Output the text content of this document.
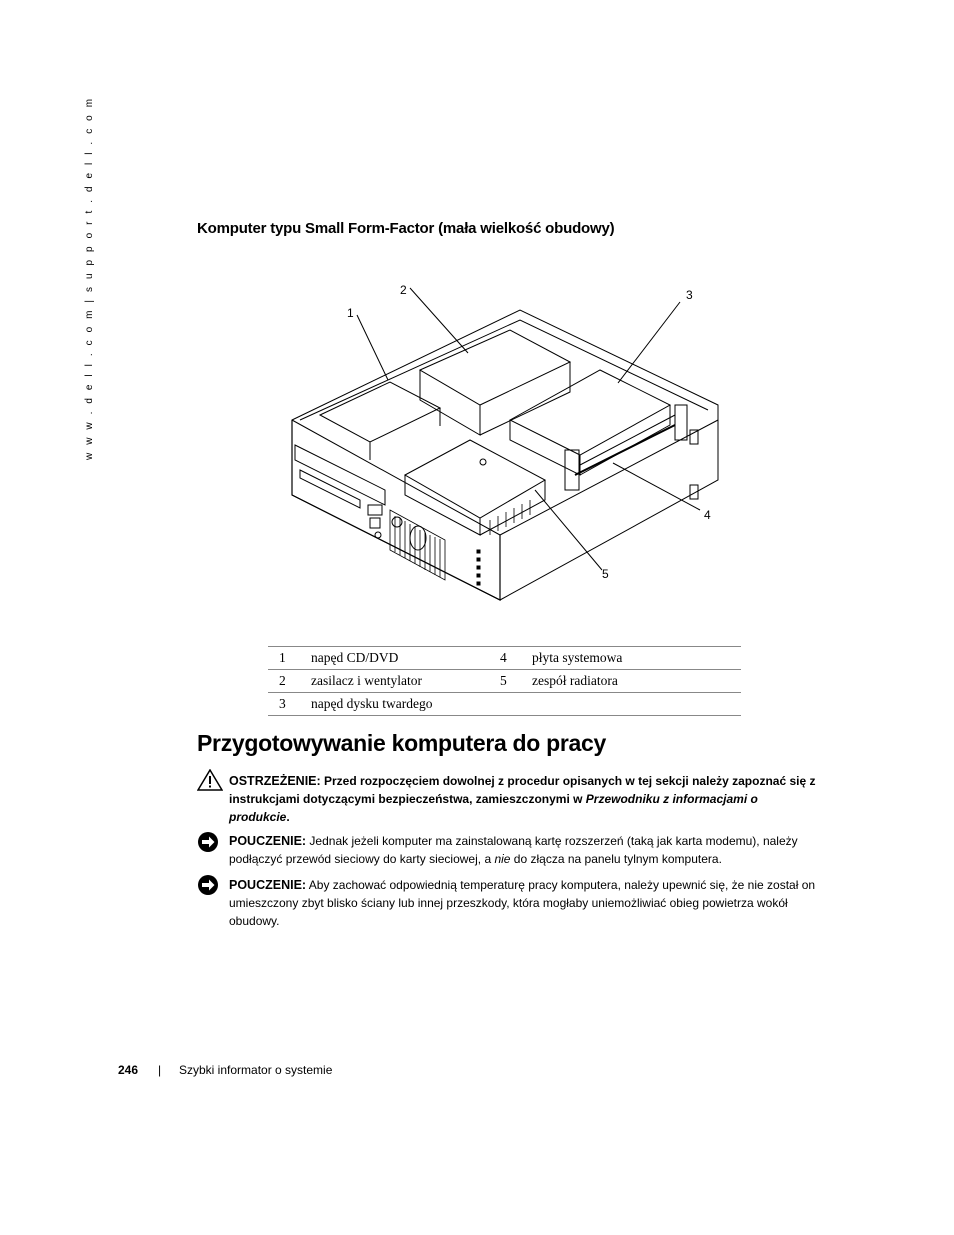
w w w . d e l l . c o m | s u p p o r t . d e l l . c o m	Komputer typu Small Form-Factor (mała wielkość obudowy)
1
2	3
4
5
1	napęd CD/DVD	4	płyta systemowa
2	zasilacz i wentylator	5	zespół radiatora
3	napęd dysku twardego		
Przygotowywanie komputera do pracy
OSTRZEŻENIE: Przed rozpoczęciem dowolnej z procedur opisanych w tej sekcji należy zapoznać się z instrukcjami dotyczącymi bezpieczeństwa, zamieszczonymi w Przewodniku z informacjami o produkcie.
POUCZENIE: Jednak jeżeli komputer ma zainstalowaną kartę rozszerzeń (taką jak karta modemu), należy podłączyć przewód sieciowy do karty sieciowej, a nie do złącza na panelu tylnym komputera.
POUCZENIE: Aby zachować odpowiednią temperaturę pracy komputera, należy upewnić się, że nie został on umieszczony zbyt blisko ściany lub innej przeszkody, która mogłaby uniemożliwiać obieg powietrza wokół obudowy.
246 | Szybki informator o systemie
